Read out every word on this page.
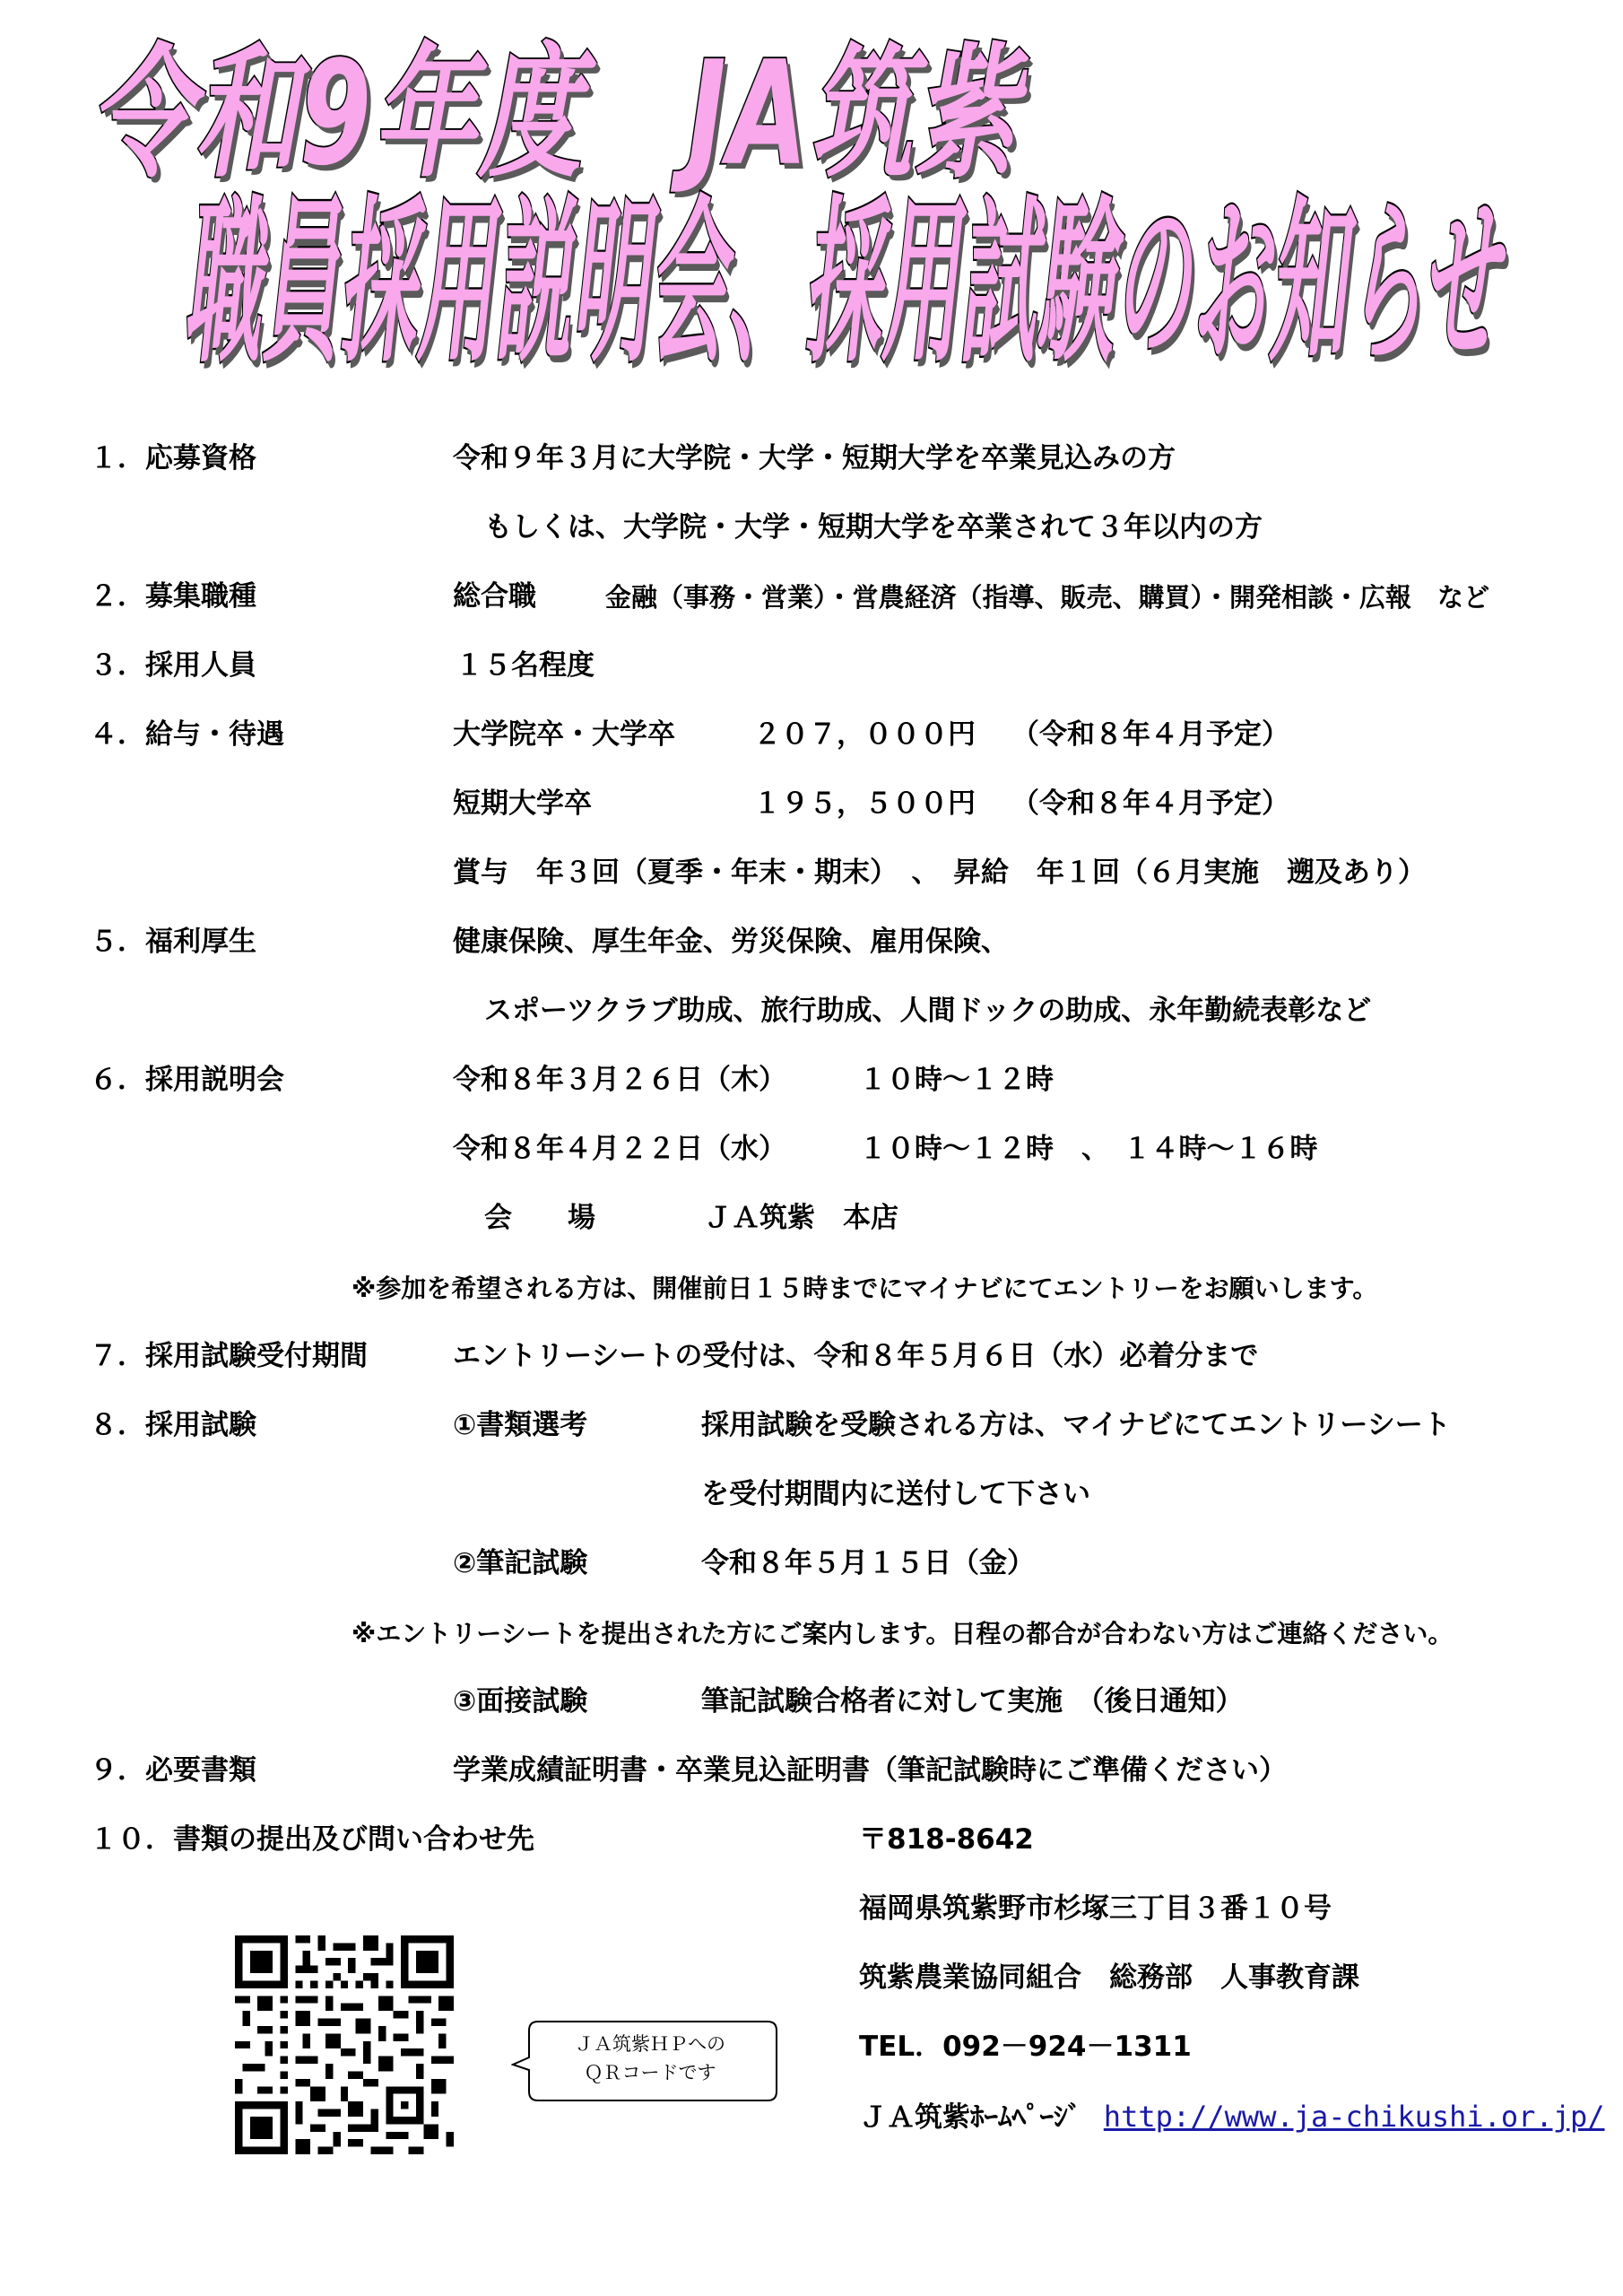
令和9年度　JA筑紫
職員採用説明会、採用試験のお知らせ
１．応募資格	令和９年３月に大学院・大学・短期大学を卒業見込みの方
もしくは、大学院・大学・短期大学を卒業されて３年以内の方
２．募集職種	総合職	金融（事務・営業）・営農経済（指導、販売、購買）・開発相談・広報　など
３．採用人員	１５名程度
４．給与・待遇	大学院卒・大学卒	２０７，０００円 （令和８年４月予定）
短期大学卒	１９５，５００円 （令和８年４月予定）
賞与　年３回（夏季・年末・期末）　、　昇給　年１回（６月実施　遡及あり）
５．福利厚生	健康保険、厚生年金、労災保険、雇用保険、
スポーツクラブ助成、旅行助成、人間ドックの助成、永年勤続表彰など
６．採用説明会	令和８年３月２６日（木）	１０時～１２時
令和８年４月２２日（水）	１０時～１２時　、　１４時～１６時
会　　場	ＪＡ筑紫　本店
※参加を希望される方は、開催前日１５時までにマイナビにてエントリーをお願いします。
７．採用試験受付期間	エントリーシートの受付は、令和８年５月６日（水）必着分まで
８．採用試験	①書類選考	採用試験を受験される方は、マイナビにてエントリーシート
を受付期間内に送付して下さい
②筆記試験	令和８年５月１５日（金）
※エントリーシートを提出された方にご案内します。日程の都合が合わない方はご連絡ください。
③面接試験	筆記試験合格者に対して実施　（後日通知）
９．必要書類	学業成績証明書・卒業見込証明書（筆記試験時にご準備ください）
１０．書類の提出及び問い合わせ先	〒818-8642
福岡県筑紫野市杉塚三丁目３番１０号
筑紫農業協同組合　総務部　人事教育課
TEL．092－924－1311
ＪＡ筑紫ﾎｰﾑﾍﾟｰｼﾞ http://www.ja-chikushi.or.jp/
ＪＡ筑紫ＨＰへの
ＱＲコードです
